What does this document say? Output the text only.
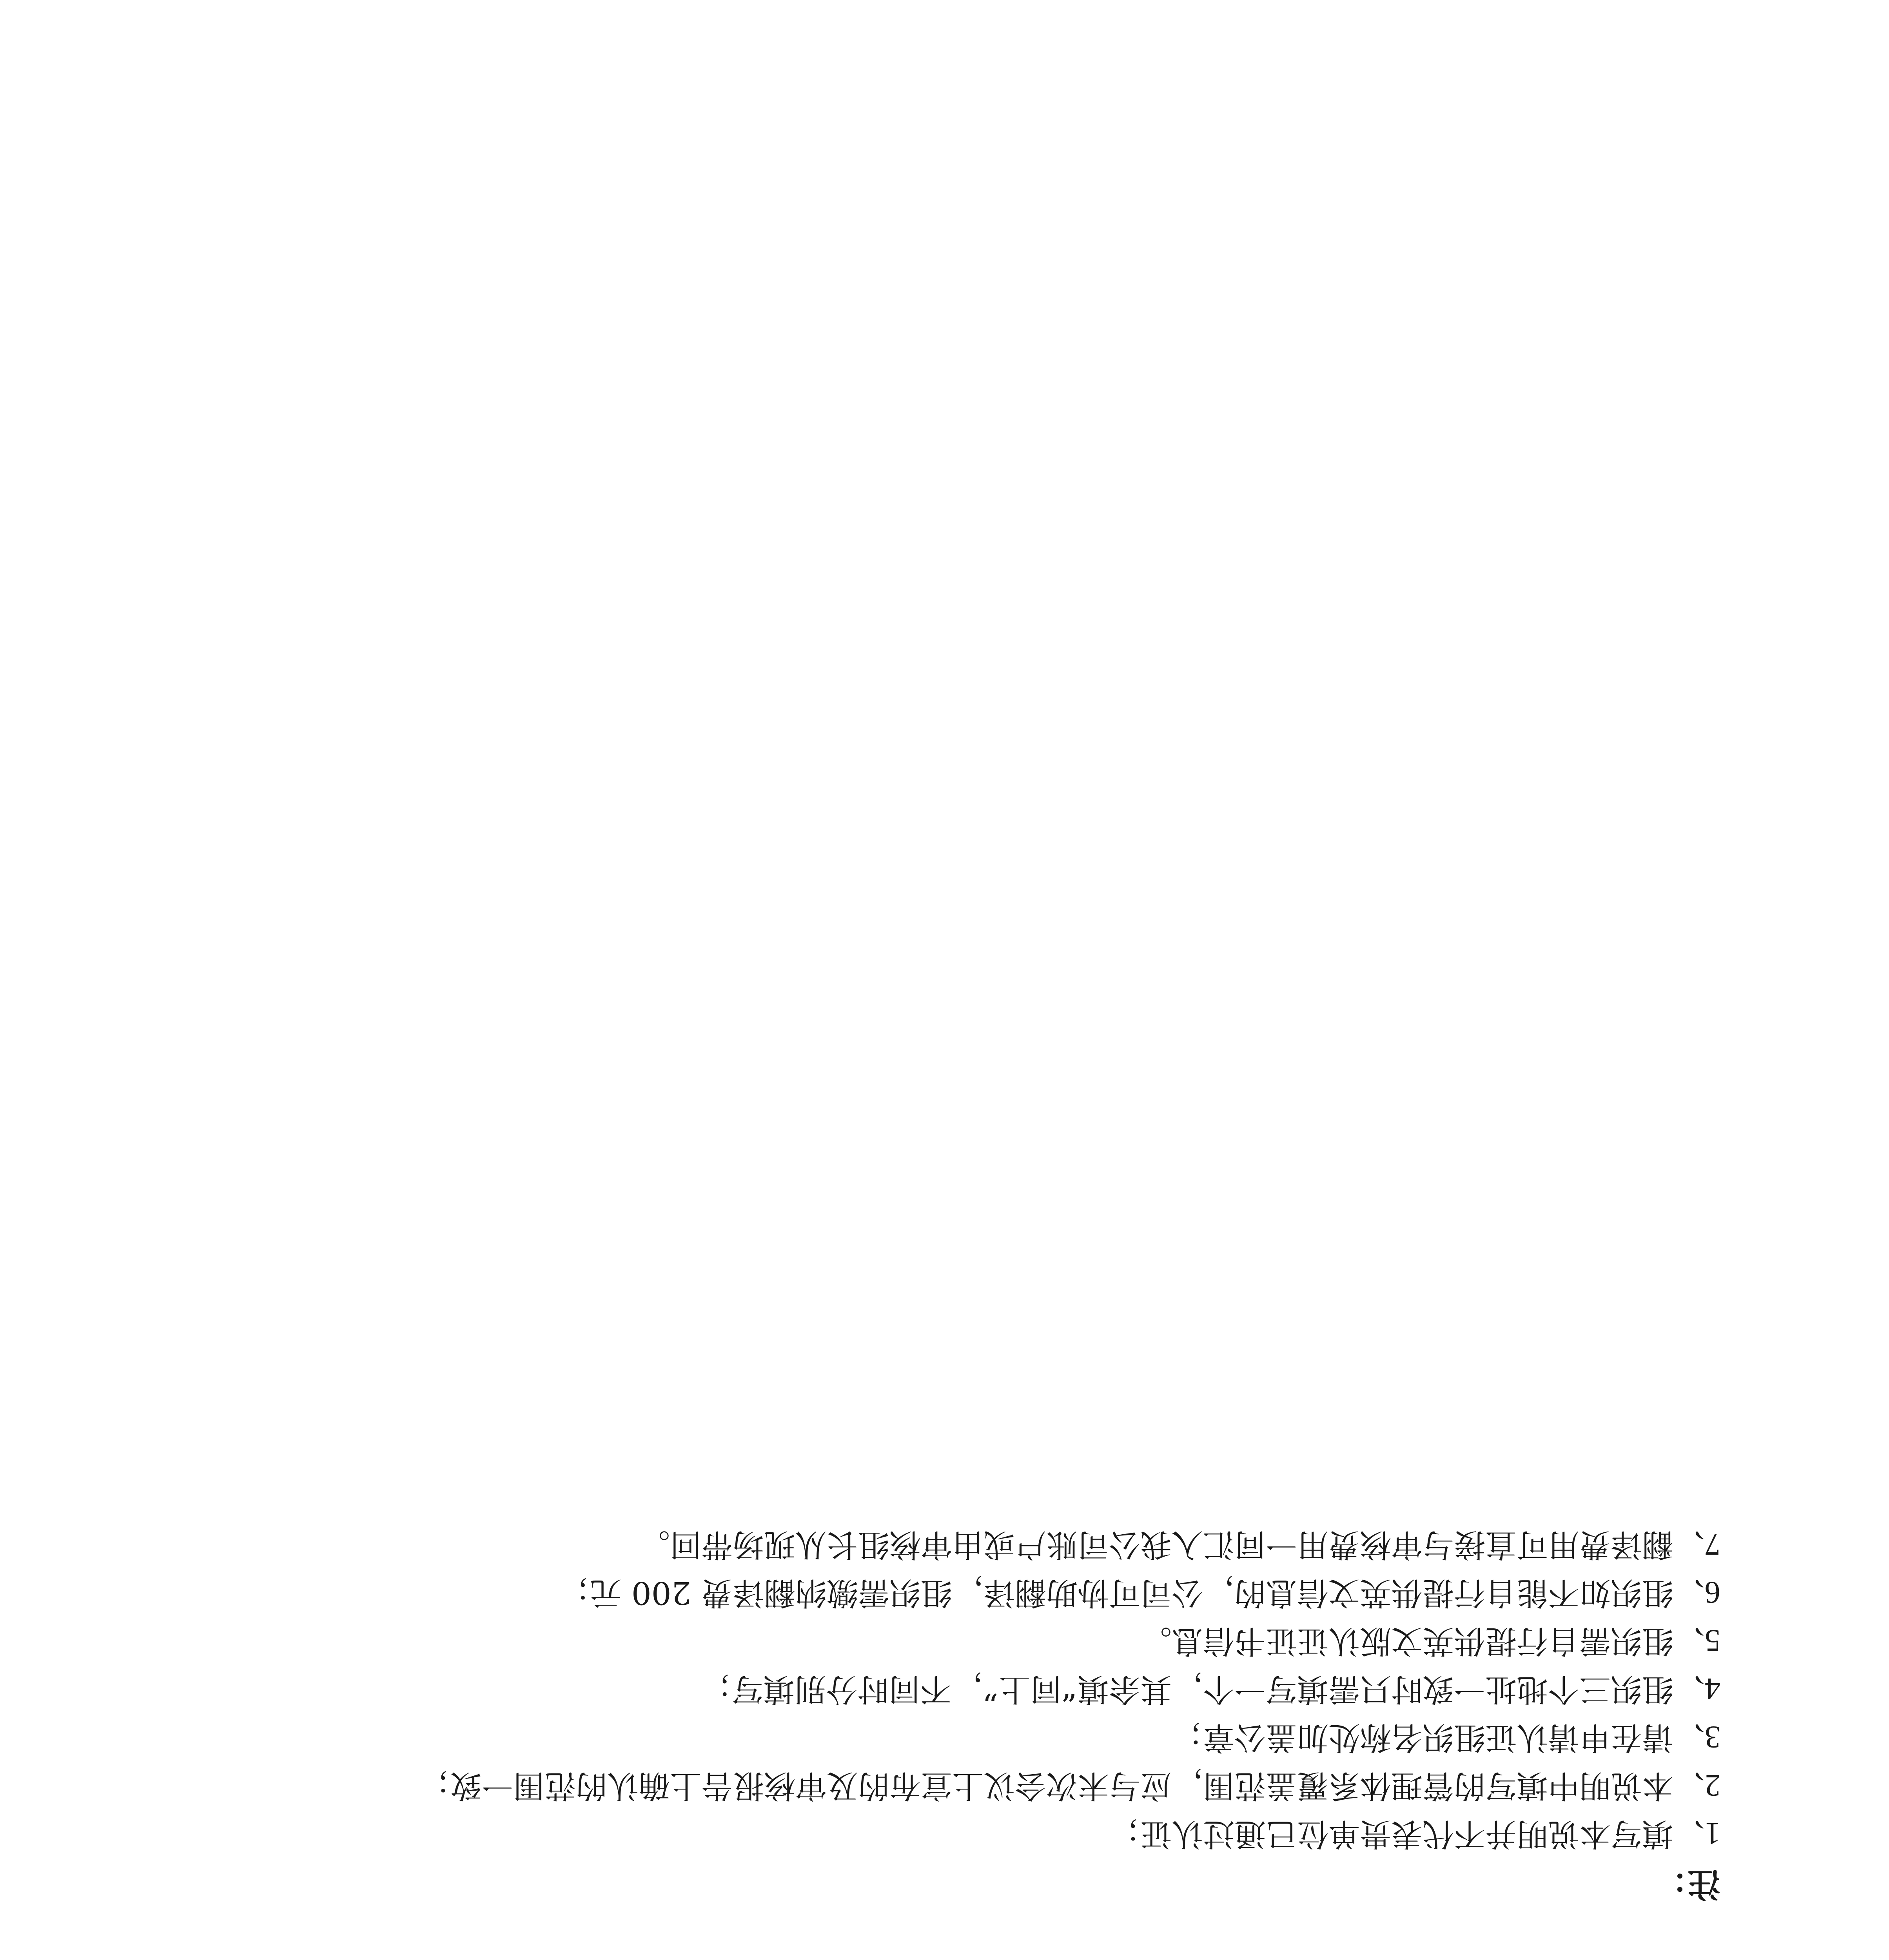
注：
1、填写本说明并不代表贵单位已通过认证；
2、本说明中填写的管理体系覆盖范围，应与末次会议上宣布的及审核报告上确认的范围一致；
3、请在申请认证组织名称处加盖公章；
4、组织三个地址一致时只需填写一个，其余填“同上”，不同时分别填写；
5、组织需自行提供英文版认证证书信息。
6、组织如不能自行提供英文信息的，公司可协助翻译，组织需缴纳翻译费 200 元；
7、翻译费用可直接与审核费用一同汇入我公司账户或由审核组长从现场带回。
